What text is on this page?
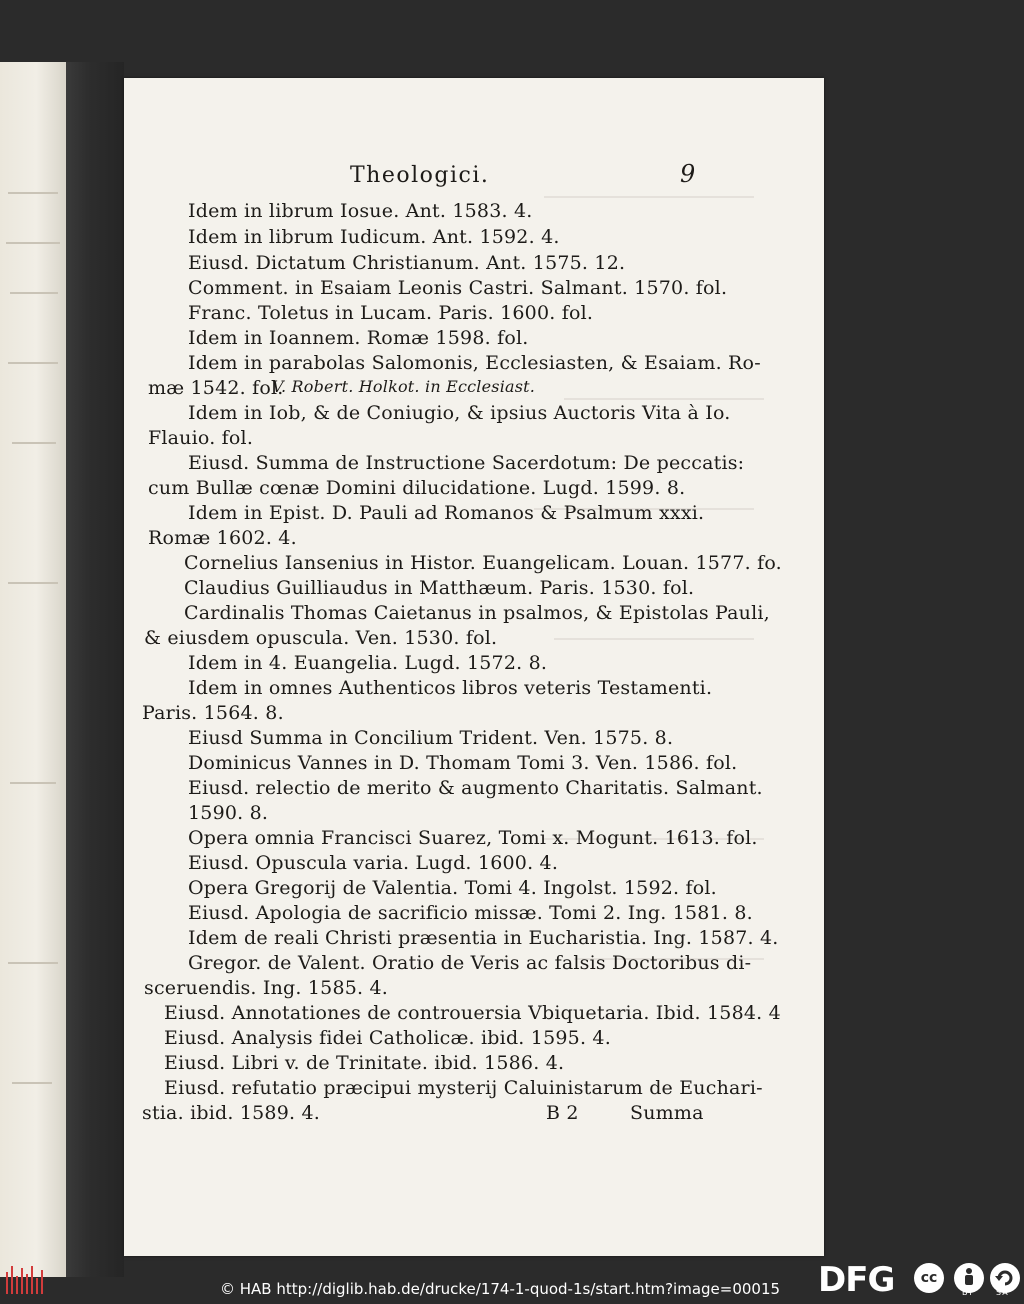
Theologici.	9
Idem in librum Iosue. Ant. 1583. 4.
Idem in librum Iudicum. Ant. 1592. 4.
Eiusd. Dictatum Christianum. Ant. 1575. 12.
Comment. in Esaiam Leonis Castri. Salmant. 1570. fol.
Franc. Toletus in Lucam. Paris. 1600. fol.
Idem in Ioannem. Romæ 1598. fol.
Idem in parabolas Salomonis, Ecclesiasten, & Esaiam. Ro-
mæ 1542. fol.
V. Robert. Holkot. in Ecclesiast.
Idem in Iob, & de Coniugio, & ipsius Auctoris Vita à Io.
Flauio. fol.
Eiusd. Summa de Instructione Sacerdotum: De peccatis:
cum Bullæ cœnæ Domini dilucidatione. Lugd. 1599. 8.
Idem in Epist. D. Pauli ad Romanos & Psalmum xxxi.
Romæ 1602. 4.
Cornelius Iansenius in Histor. Euangelicam. Louan. 1577. fo.
Claudius Guilliaudus in Matthæum. Paris. 1530. fol.
Cardinalis Thomas Caietanus in psalmos, & Epistolas Pauli,
& eiusdem opuscula. Ven. 1530. fol.
Idem in 4. Euangelia. Lugd. 1572. 8.
Idem in omnes Authenticos libros veteris Testamenti.
Paris. 1564. 8.
Eiusd Summa in Concilium Trident. Ven. 1575. 8.
Dominicus Vannes in D. Thomam Tomi 3. Ven. 1586. fol.
Eiusd. relectio de merito & augmento Charitatis. Salmant.
1590. 8.
Opera omnia Francisci Suarez, Tomi x. Mogunt. 1613. fol.
Eiusd. Opuscula varia. Lugd. 1600. 4.
Opera Gregorij de Valentia. Tomi 4. Ingolst. 1592. fol.
Eiusd. Apologia de sacrificio missæ. Tomi 2. Ing. 1581. 8.
Idem de reali Christi præsentia in Eucharistia. Ing. 1587. 4.
Gregor. de Valent. Oratio de Veris ac falsis Doctoribus di-
sceruendis. Ing. 1585. 4.
Eiusd. Annotationes de controuersia Vbiquetaria. Ibid. 1584. 4
Eiusd. Analysis fidei Catholicæ. ibid. 1595. 4.
Eiusd. Libri v. de Trinitate. ibid. 1586. 4.
Eiusd. refutatio præcipui mysterij Caluinistarum de Euchari-
stia. ibid. 1589. 4.	B 2	Summa
© HAB http://diglib.hab.de/drucke/174-1-quod-1s/start.htm?image=00015 DFG	cc
BY	SA
